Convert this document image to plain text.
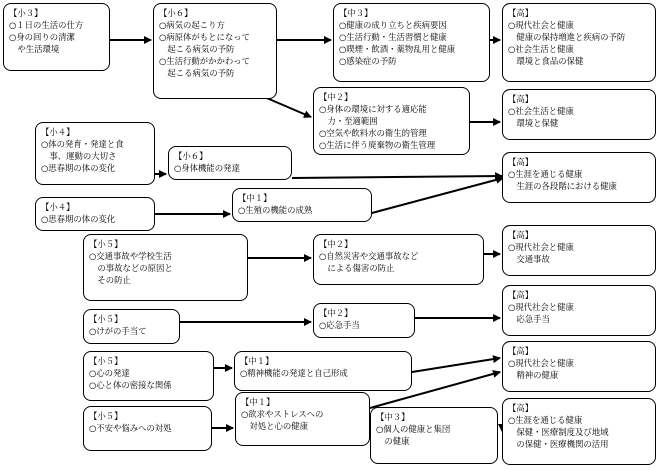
【小３】
○１日の生活の仕方
○身の回りの清潔
　や生活環境
【小６】
○病気の起こり方
○病原体がもとになって
　起こる病気の予防
○生活行動がかかわって
　起こる病気の予防
【中３】
○健康の成り立ちと疾病要因
○生活行動・生活習慣と健康
○喫煙・飲酒・薬物乱用と健康
○感染症の予防
【高】
○現代社会と健康
　健康の保持増進と疾病の予防
○社会生活と健康
　環境と食品の保健
【中２】
○身体の環境に対する適応能
　力・至適範囲
○空気や飲料水の衛生的管理
○生活に伴う廃棄物の衛生管理
【高】
○社会生活と健康
　環境と保健
【小４】
○体の発育・発達と食
　事、運動の大切さ
○思春期の体の変化
【小６】
○身体機能の発達
【高】
○生涯を通じる健康
　生涯の各段階における健康
【小４】
○思春期の体の変化
【中１】
○生殖の機能の成熟
【小５】
○交通事故や学校生活
　の事故などの原因と
　その防止
【中２】
○自然災害や交通事故など
　による傷害の防止
【高】
○現代社会と健康
　交通事故
【小５】
○けがの手当て
【中２】
○応急手当
【高】
○現代社会と健康
　応急手当
【小５】
○心の発達
○心と体の密接な関係
【中１】
○精神機能の発達と自己形成
【高】
○現代社会と健康
　精神の健康
【小５】
○不安や悩みへの対処
【中１】
○欲求やストレスへの
　対処と心の健康
【中３】
○個人の健康と集団
　の健康
【高】
○生涯を通じる健康
　保健・医療制度及び地域
　の保健・医療機関の活用
